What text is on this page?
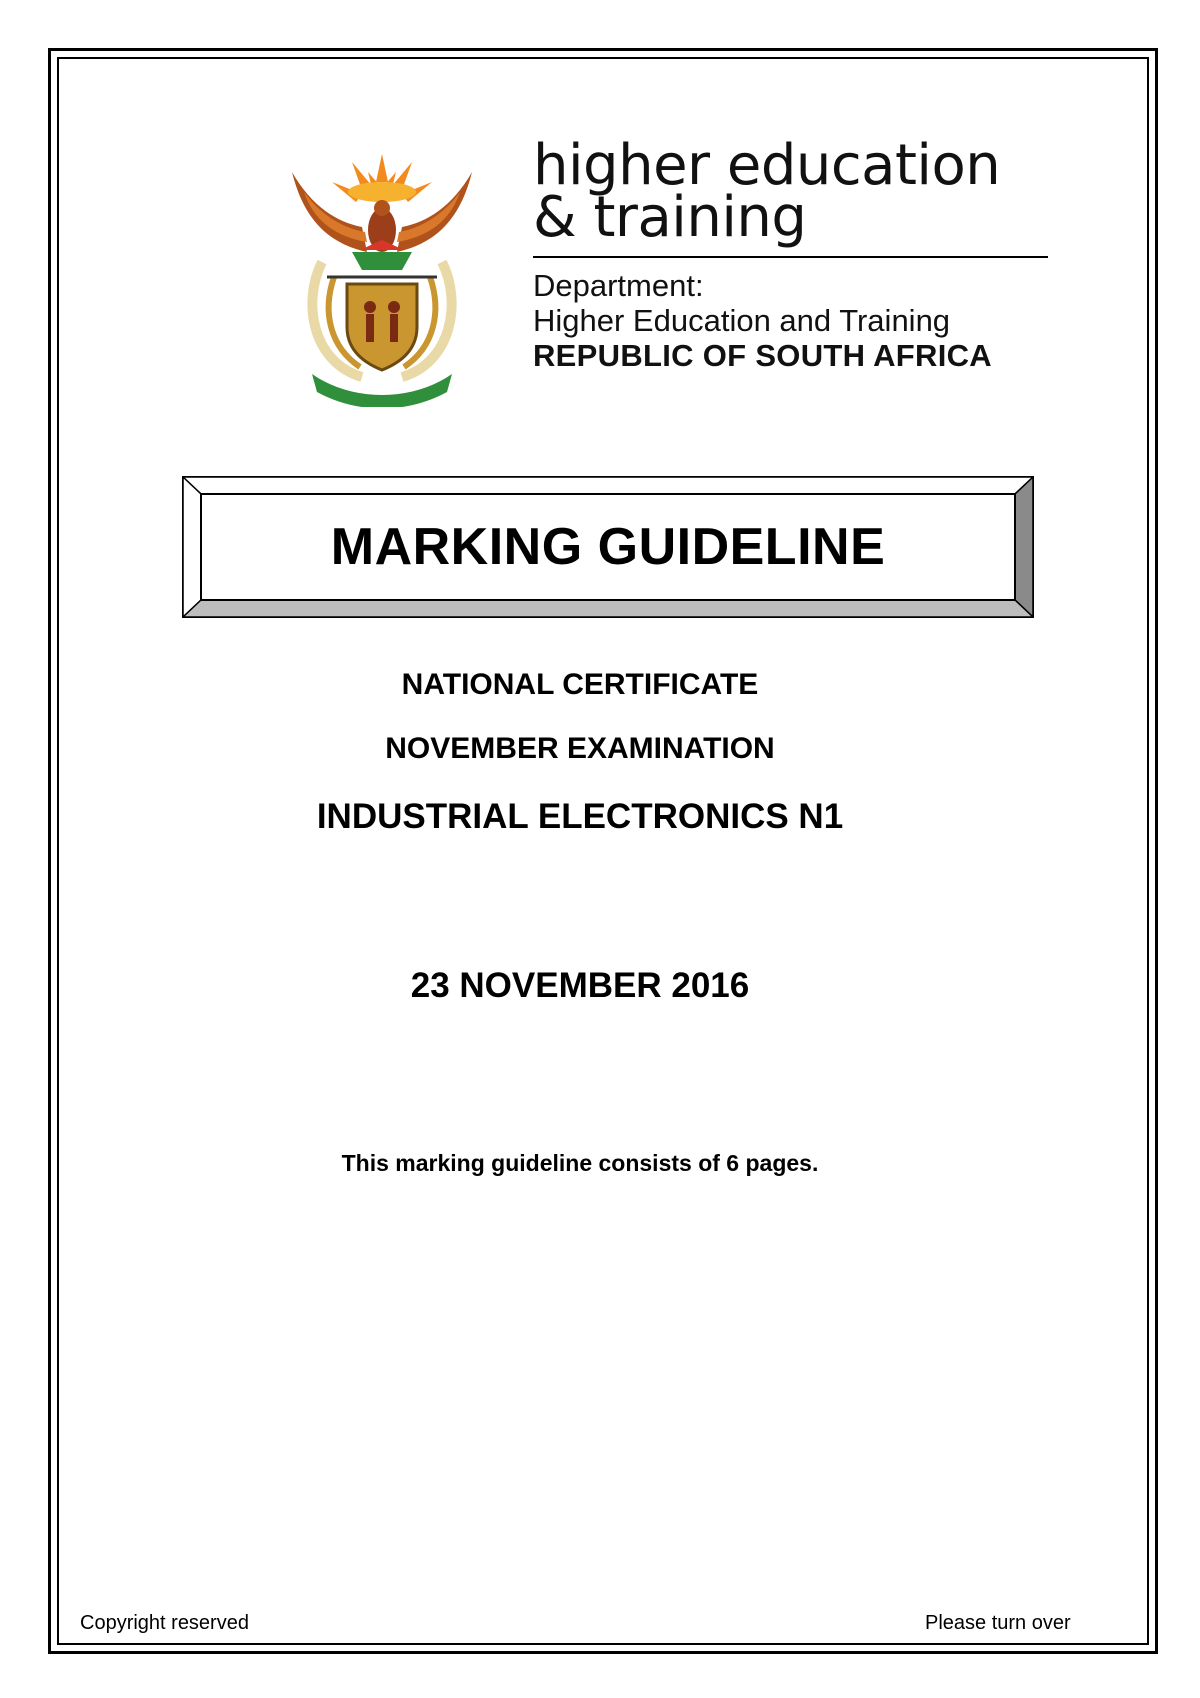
higher education
& training
Department:
Higher Education and Training
REPUBLIC OF SOUTH AFRICA
MARKING GUIDELINE
NATIONAL CERTIFICATE
NOVEMBER EXAMINATION
INDUSTRIAL ELECTRONICS N1
23 NOVEMBER 2016
This marking guideline consists of 6 pages.
Copyright reserved	Please turn over
